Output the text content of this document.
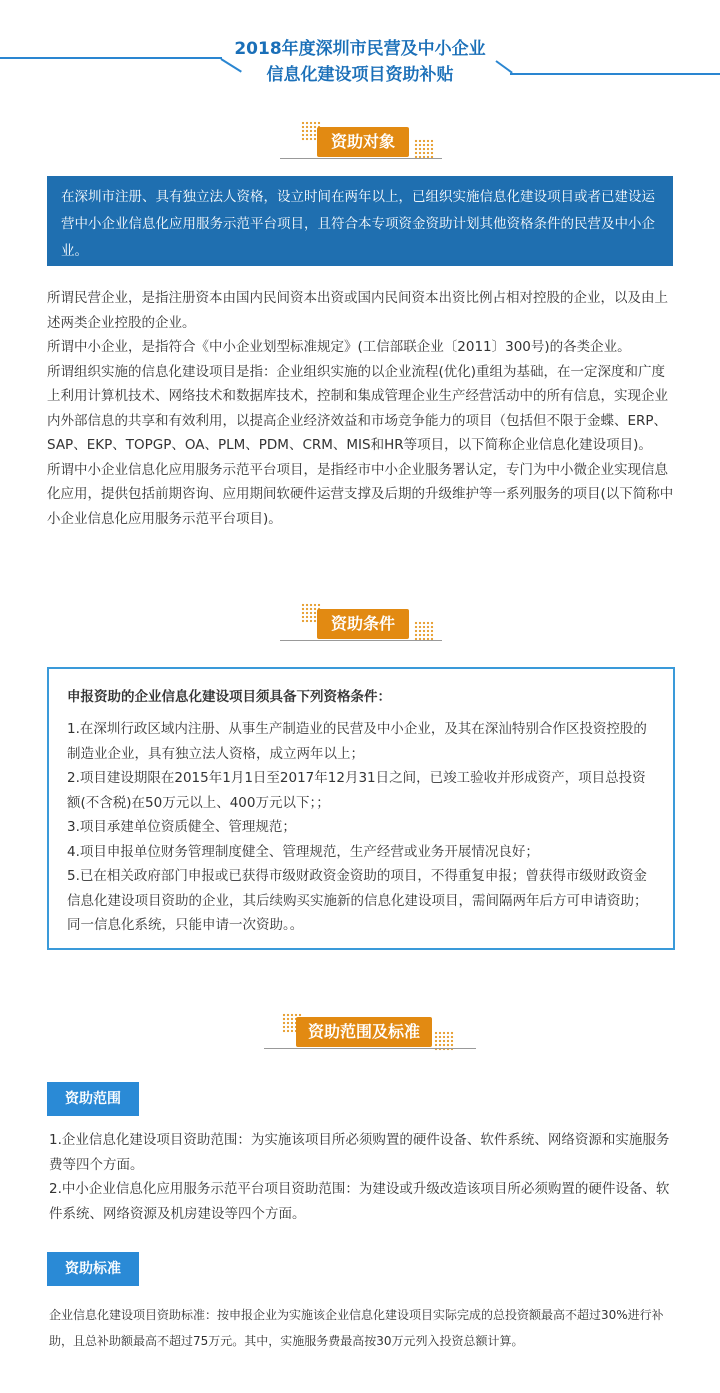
2018年度深圳市民营及中小企业
信息化建设项目资助补贴
资助对象
在深圳市注册、具有独立法人资格，设立时间在两年以上，已组织实施信息化建设项目或者已建设运营中小企业信息化应用服务示范平台项目，且符合本专项资金资助计划其他资格条件的民营及中小企业。

所谓民营企业，是指注册资本由国内民间资本出资或国内民间资本出资比例占相对控股的企业，以及由上述两类企业控股的企业。

所谓中小企业，是指符合《中小企业划型标准规定》(工信部联企业〔2011〕300号)的各类企业。

所谓组织实施的信息化建设项目是指：企业组织实施的以企业流程(优化)重组为基础，在一定深度和广度上利用计算机技术、网络技术和数据库技术，控制和集成管理企业生产经营活动中的所有信息，实现企业内外部信息的共享和有效利用，以提高企业经济效益和市场竞争能力的项目（包括但不限于金蝶、ERP、SAP、EKP、TOPGP、OA、PLM、PDM、CRM、MIS和HR等项目，以下简称企业信息化建设项目)。

所谓中小企业信息化应用服务示范平台项目，是指经市中小企业服务署认定，专门为中小微企业实现信息化应用，提供包括前期咨询、应用期间软硬件运营支撑及后期的升级维护等一系列服务的项目(以下简称中小企业信息化应用服务示范平台项目)。

资助条件
申报资助的企业信息化建设项目须具备下列资格条件：

1.在深圳行政区域内注册、从事生产制造业的民营及中小企业，及其在深汕特别合作区投资控股的制造业企业，具有独立法人资格，成立两年以上；

2.项目建设期限在2015年1月1日至2017年12月31日之间，已竣工验收并形成资产，项目总投资额(不含税)在50万元以上、400万元以下；；

3.项目承建单位资质健全、管理规范；

4.项目申报单位财务管理制度健全、管理规范，生产经营或业务开展情况良好；

5.已在相关政府部门申报或已获得市级财政资金资助的项目，不得重复申报；曾获得市级财政资金信息化建设项目资助的企业，其后续购买实施新的信息化建设项目，需间隔两年后方可申请资助；同一信息化系统，只能申请一次资助。。

资助范围及标准
资助范围

1.企业信息化建设项目资助范围：为实施该项目所必须购置的硬件设备、软件系统、网络资源和实施服务费等四个方面。

2.中小企业信息化应用服务示范平台项目资助范围：为建设或升级改造该项目所必须购置的硬件设备、软件系统、网络资源及机房建设等四个方面。

资助标准
企业信息化建设项目资助标准：按申报企业为实施该企业信息化建设项目实际完成的总投资额最高不超过30%进行补助，且总补助额最高不超过75万元。其中，实施服务费最高按30万元列入投资总额计算。
